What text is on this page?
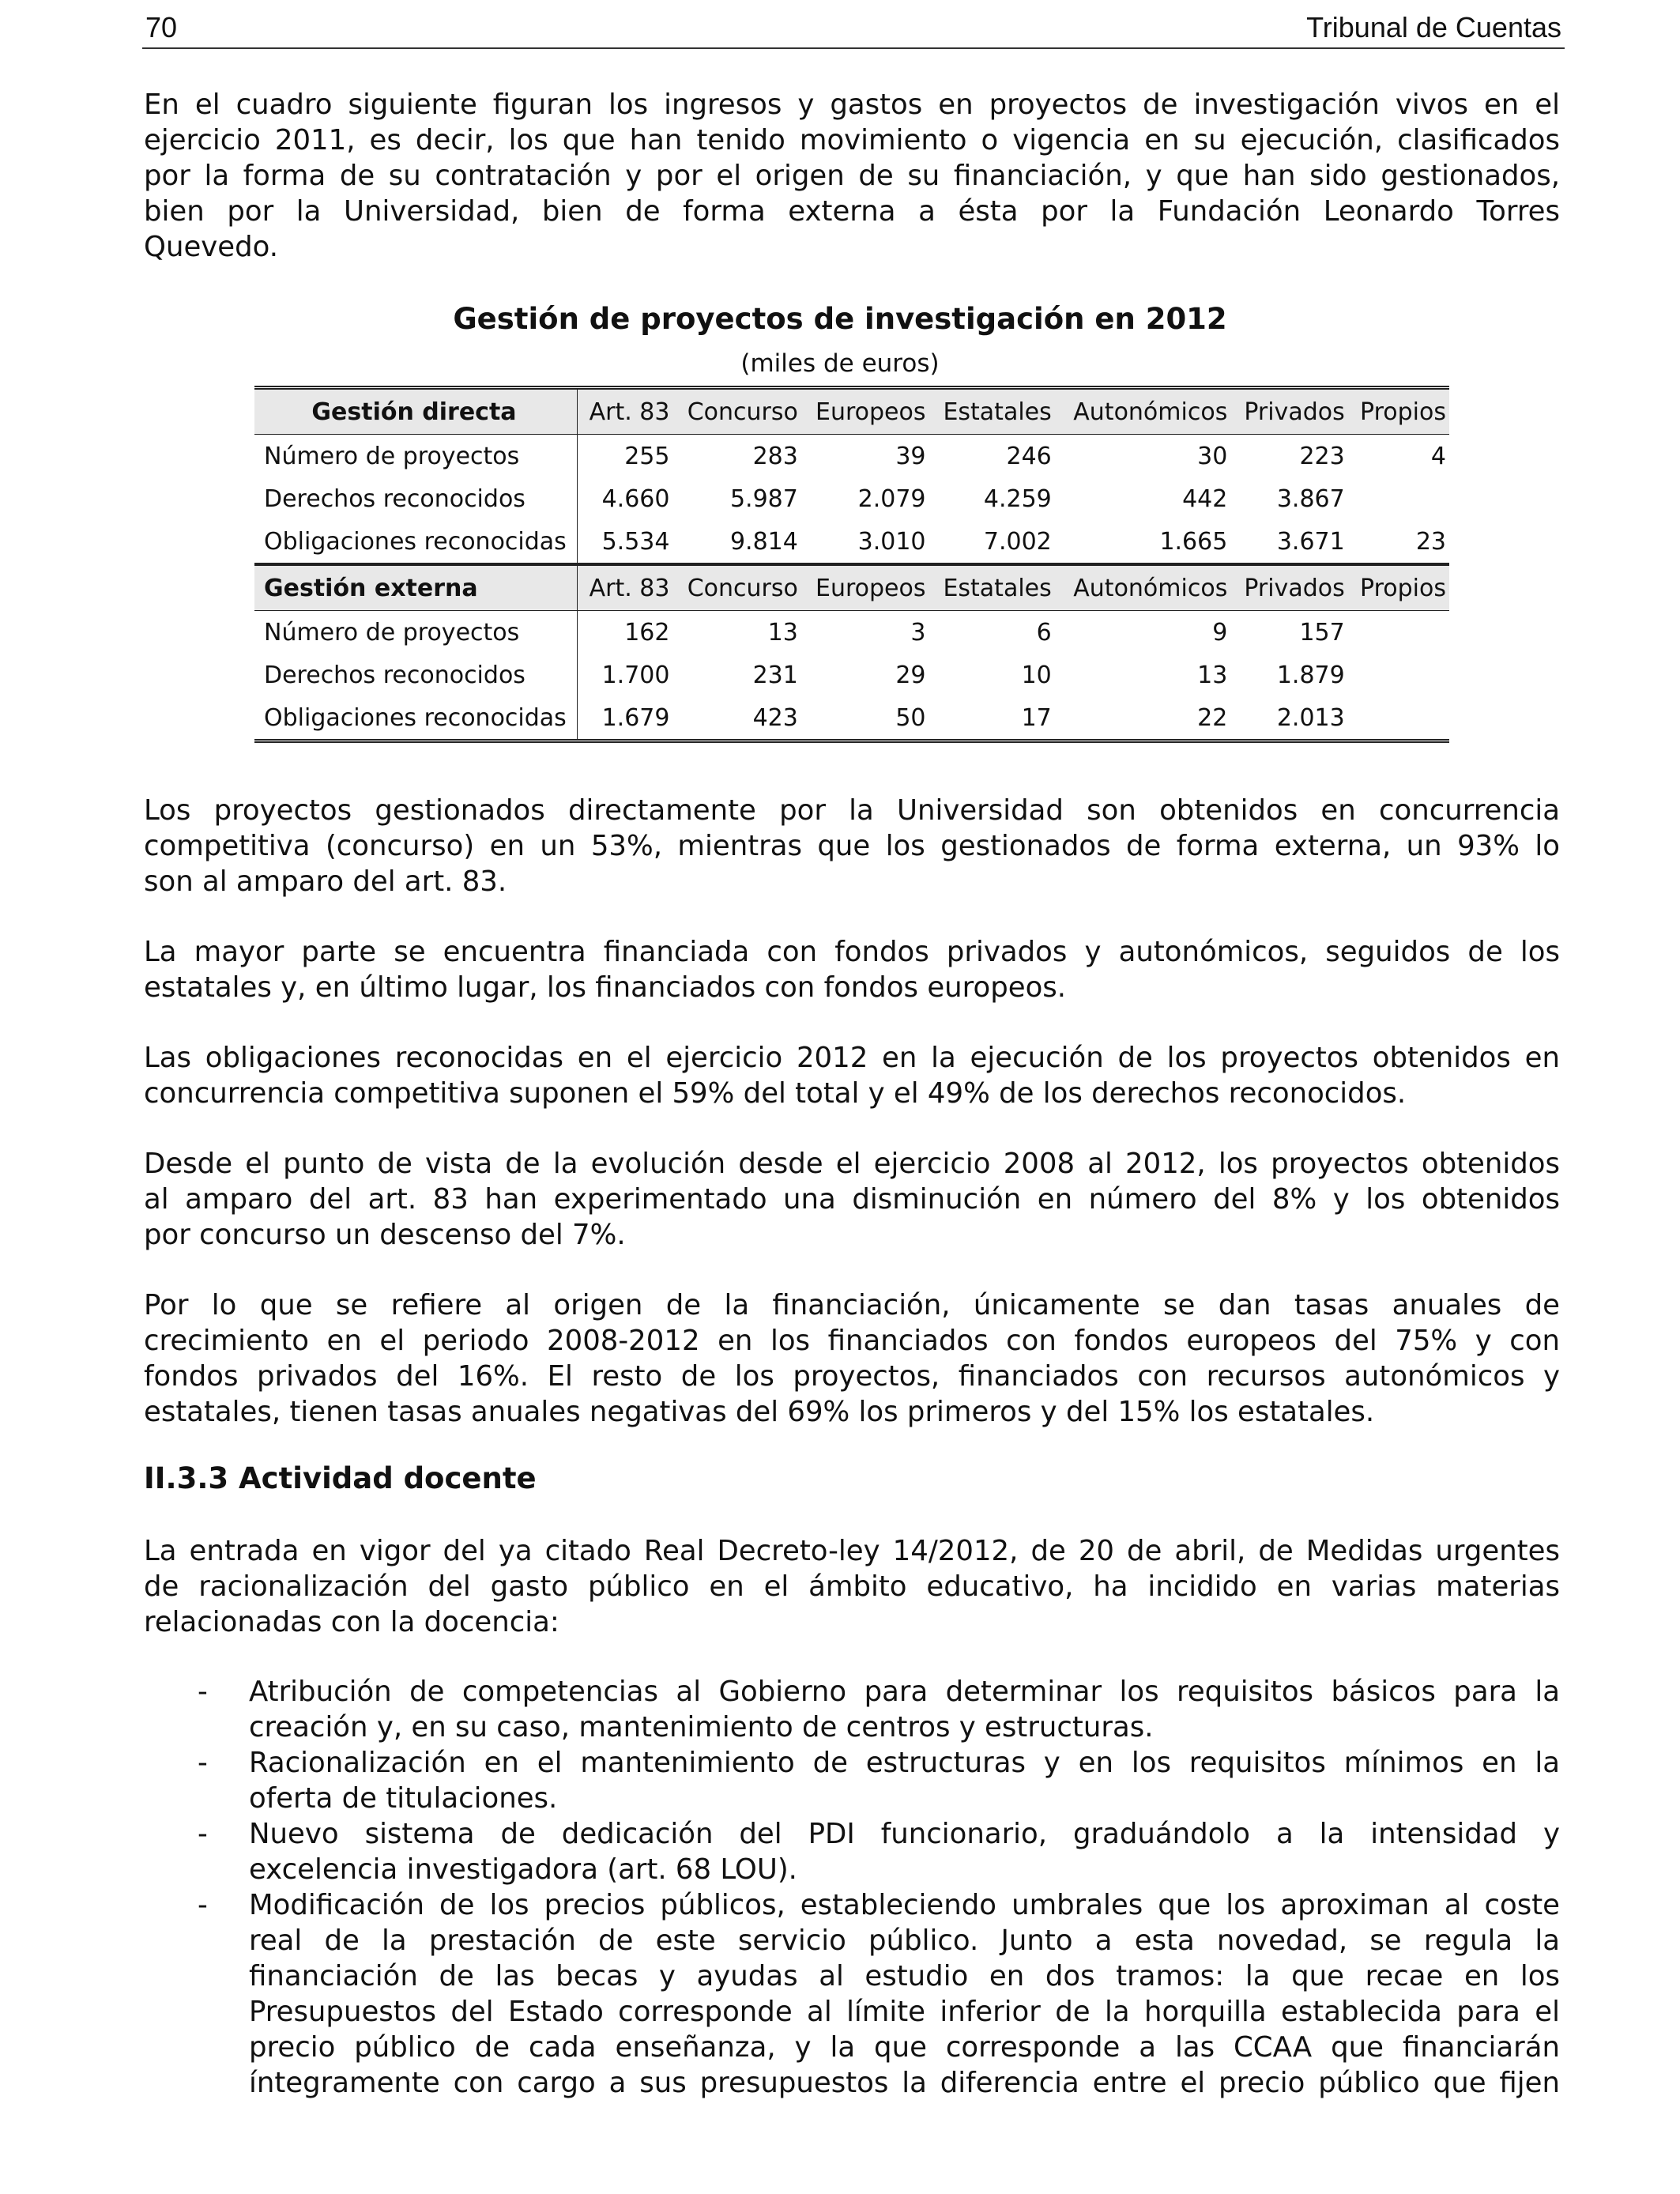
70	Tribunal de Cuentas
En el cuadro siguiente figuran los ingresos y gastos en proyectos de investigación vivos en el
ejercicio 2011, es decir, los que han tenido movimiento o vigencia en su ejecución, clasificados
por la forma de su contratación y por el origen de su financiación, y que han sido gestionados,
bien por la Universidad, bien de forma externa a ésta por la Fundación Leonardo Torres
Quevedo.
Gestión de proyectos de investigación en 2012
(miles de euros)
Gestión directa	Art. 83	Concurso	Europeos	Estatales	Autonómicos	Privados	Propios
Número de proyectos	255	283	39	246	30	223	4
Derechos reconocidos	4.660	5.987	2.079	4.259	442	3.867	
Obligaciones reconocidas	5.534	9.814	3.010	7.002	1.665	3.671	23
Gestión externa	Art. 83	Concurso	Europeos	Estatales	Autonómicos	Privados	Propios
Número de proyectos	162	13	3	6	9	157	
Derechos reconocidos	1.700	231	29	10	13	1.879	
Obligaciones reconocidas	1.679	423	50	17	22	2.013	
Los proyectos gestionados directamente por la Universidad son obtenidos en concurrencia
competitiva (concurso) en un 53%, mientras que los gestionados de forma externa, un 93% lo
son al amparo del art. 83.
La mayor parte se encuentra financiada con fondos privados y autonómicos, seguidos de los
estatales y, en último lugar, los financiados con fondos europeos.
Las obligaciones reconocidas en el ejercicio 2012 en la ejecución de los proyectos obtenidos en
concurrencia competitiva suponen el 59% del total y el 49% de los derechos reconocidos.
Desde el punto de vista de la evolución desde el ejercicio 2008 al 2012, los proyectos obtenidos
al amparo del art. 83 han experimentado una disminución en número del 8% y los obtenidos
por concurso un descenso del 7%.
Por lo que se refiere al origen de la financiación, únicamente se dan tasas anuales de
crecimiento en el periodo 2008-2012 en los financiados con fondos europeos del 75% y con
fondos privados del 16%. El resto de los proyectos, financiados con recursos autonómicos y
estatales, tienen tasas anuales negativas del 69% los primeros y del 15% los estatales.
II.3.3 Actividad docente
La entrada en vigor del ya citado Real Decreto-ley 14/2012, de 20 de abril, de Medidas urgentes
de racionalización del gasto público en el ámbito educativo, ha incidido en varias materias
relacionadas con la docencia:
- Atribución de competencias al Gobierno para determinar los requisitos básicos para la
creación y, en su caso, mantenimiento de centros y estructuras.
- Racionalización en el mantenimiento de estructuras y en los requisitos mínimos en la
oferta de titulaciones.
- Nuevo sistema de dedicación del PDI funcionario, graduándolo a la intensidad y
excelencia investigadora (art. 68 LOU).
- Modificación de los precios públicos, estableciendo umbrales que los aproximan al coste
real de la prestación de este servicio público. Junto a esta novedad, se regula la
financiación de las becas y ayudas al estudio en dos tramos: la que recae en los
Presupuestos del Estado corresponde al límite inferior de la horquilla establecida para el
precio público de cada enseñanza, y la que corresponde a las CCAA que financiarán
íntegramente con cargo a sus presupuestos la diferencia entre el precio público que fijen
